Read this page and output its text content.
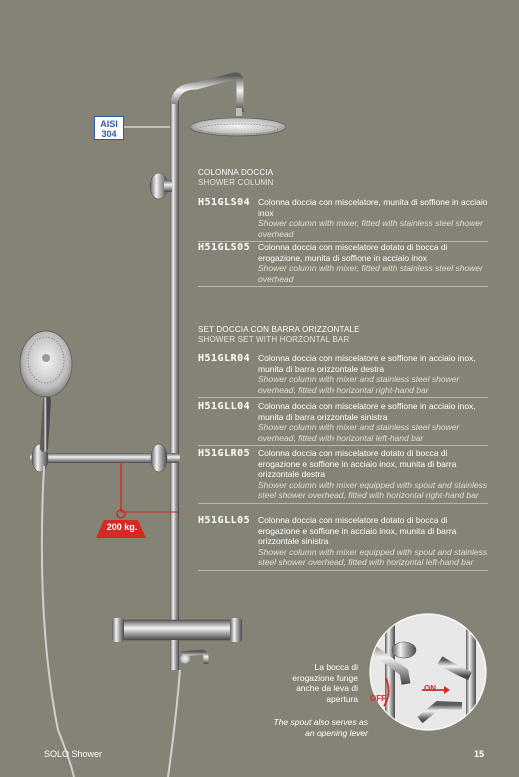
AISI
304
COLONNA DOCCIA
SHOWER COLUMN
H51GLS04 Colonna doccia con miscelatore, munita di soffione in acciaio inox
Shower column with mixer, fitted with stainless steel shower overhead
H51GLS05 Colonna doccia con miscelatore dotato di bocca di erogazione, munita di soffione in acciaio inox
Shower column with mixer, fitted with stainless steel shower overhead
SET DOCCIA CON BARRA ORIZZONTALE
SHOWER SET WITH HORZONTAL BAR
H51GLR04 Colonna doccia con miscelatore e soffione in acciaio inox, munita di barra orizzontale destra
Shower column with mixer and stainless steel shower overhead, fitted with horizontal right-hand bar
H51GLL04 Colonna doccia con miscelatore e soffione in acciaio inox, munita di barra orizzontale sinistra
Shower column with mixer and stainless steel shower overhead, fitted with horizontal left-hand bar
H51GLR05 Colonna doccia con miscelatore dotato di bocca di erogazione e soffione in acciaio inox, munita di barra orizzontale destra
Shower column with mixer equipped with spout and stainless steel shower overhead, fitted with horizontal right-hand bar
H51GLL05 Colonna doccia con miscelatore dotato di bocca di erogazione e soffione in acciaio inox, munita di barra orizzontale sinistra
Shower column with mixer equipped with spout and stainless steel shower overhead, fitted with horizontal left-hand bar
200 kg.
OFF
ON
La bocca di
erogazione funge
anche da leva di
apertura
The spout also serves as
an opening lever
SOLO Shower	15
